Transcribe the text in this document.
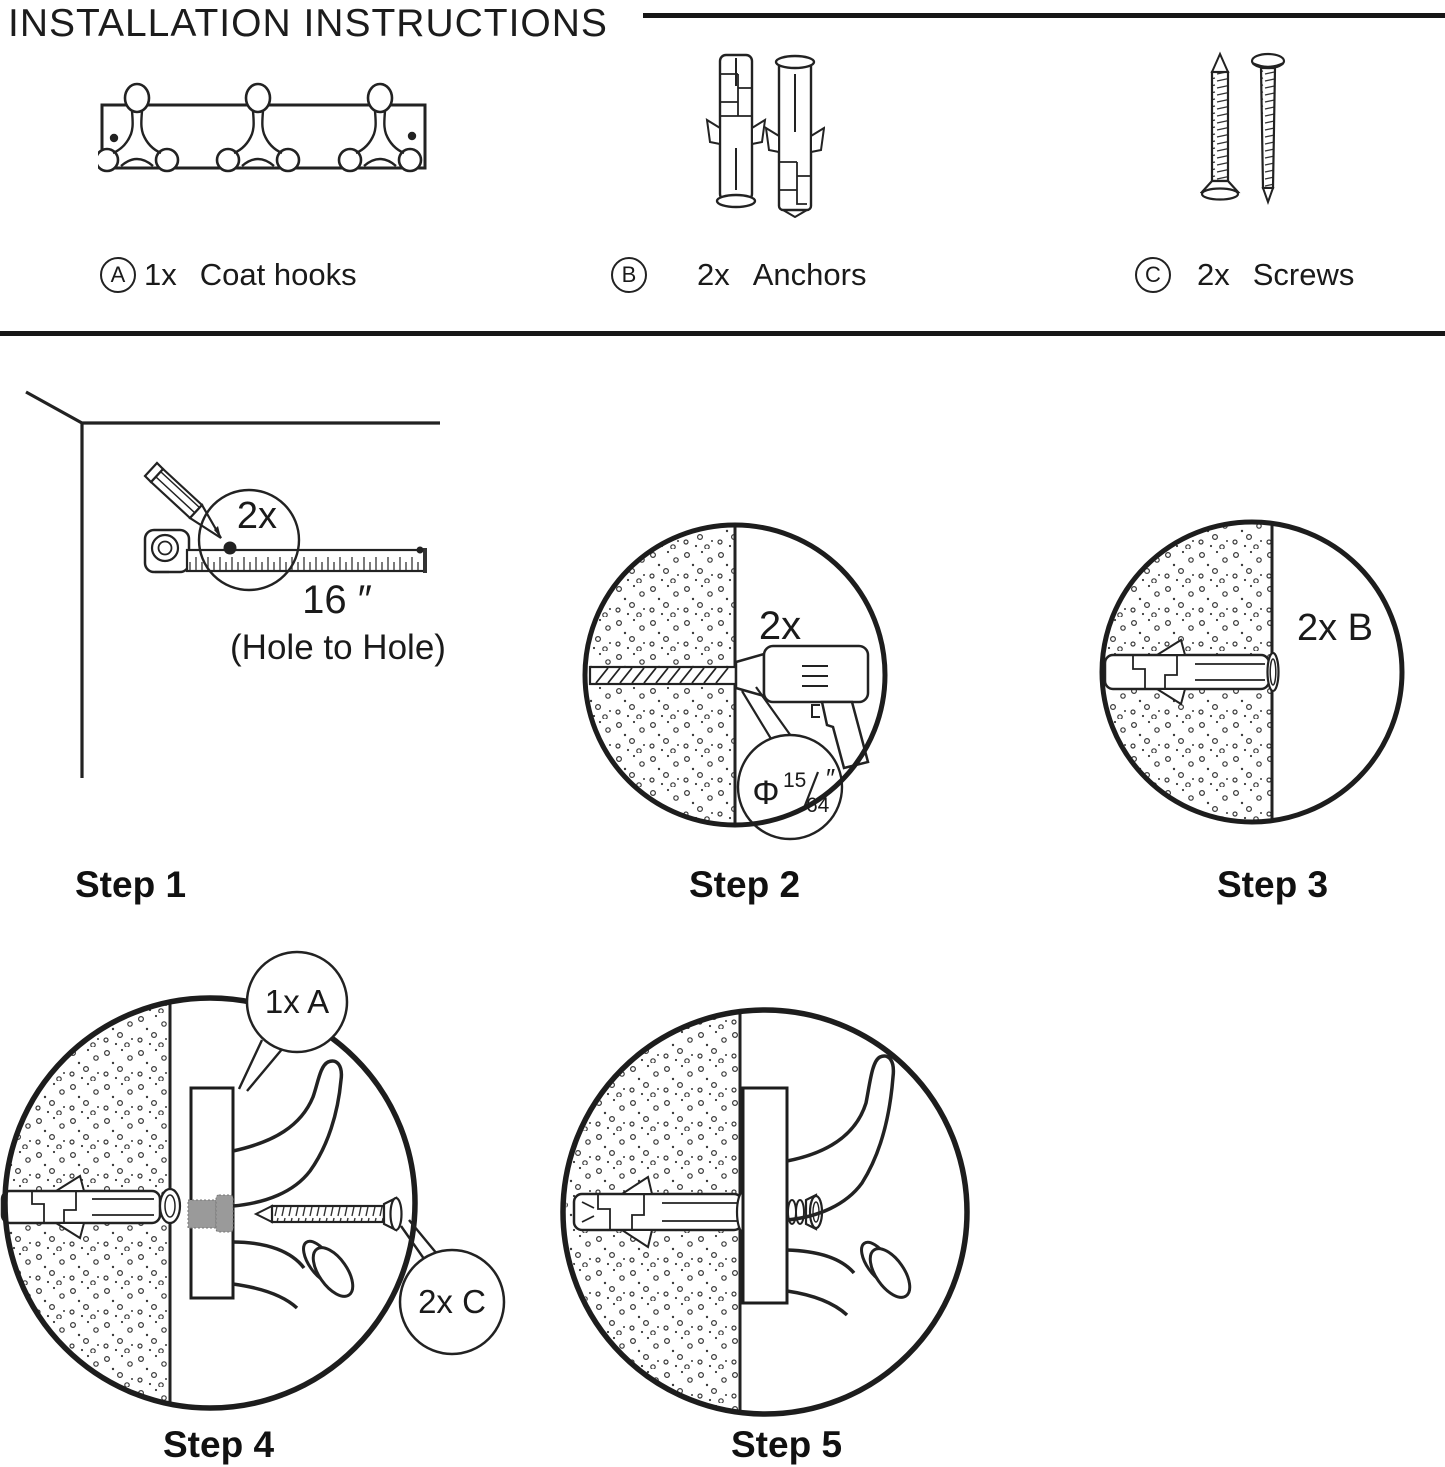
INSTALLATION INSTRUCTIONS
A 1x Coat hooks	B	2x Anchors	C	2x Screws
2x
16 ″
(Hole to Hole)	2x
Φ 15
64
″
2x B
1x A
2x C
Step 1	Step 2	Step 3
Step 4	Step 5
